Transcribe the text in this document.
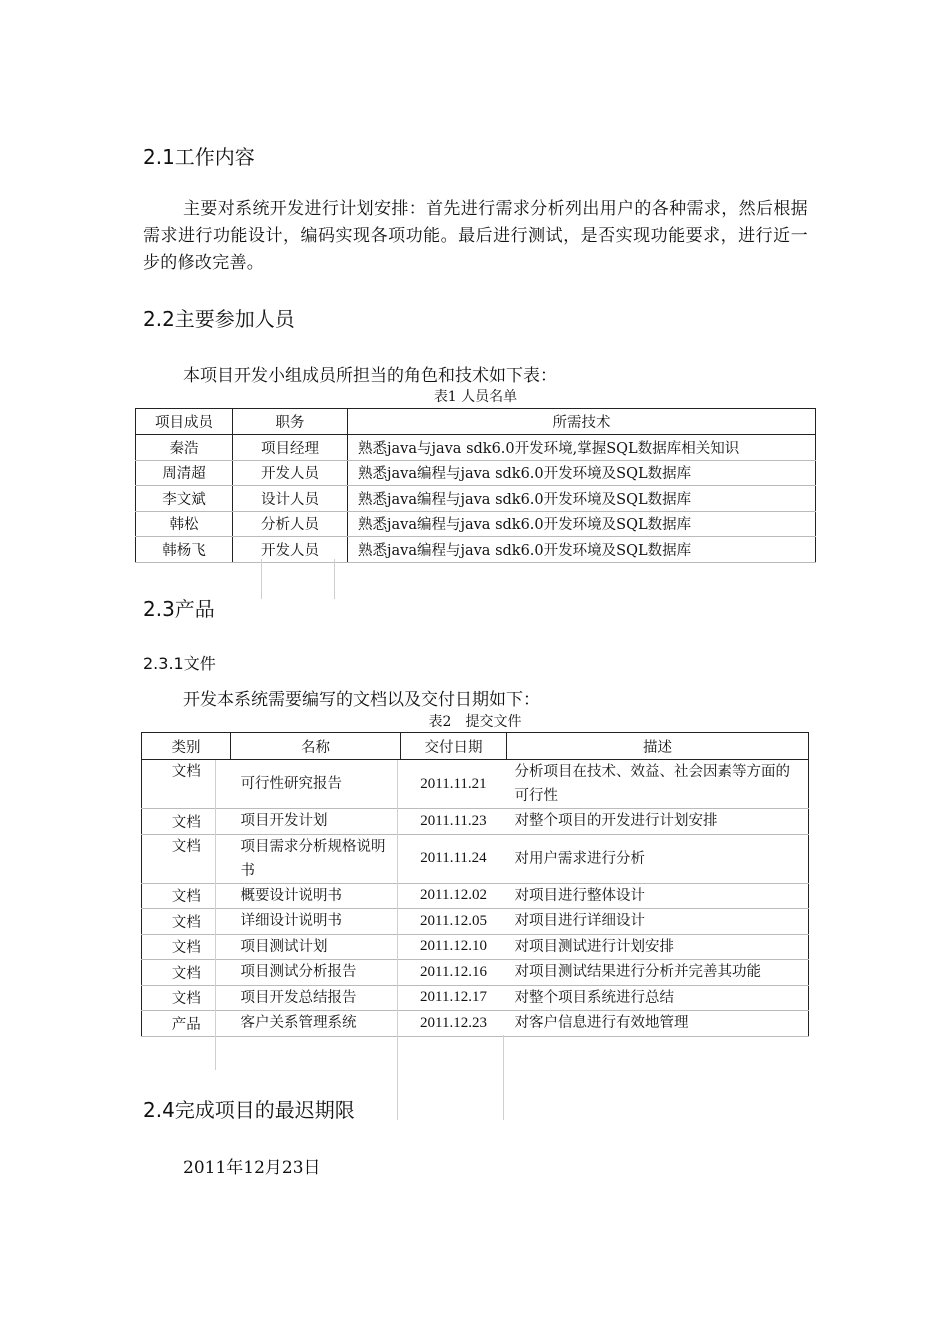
2.1工作内容

主要对系统开发进行计划安排：首先进行需求分析列出用户的各种需求，然后根据需求进行功能设计，编码实现各项功能。最后进行测试，是否实现功能要求，进行近一步的修改完善。

2.2主要参加人员

本项目开发小组成员所担当的角色和技术如下表：

表1 人员名单

项目成员	职务	所需技术
秦浩	项目经理	熟悉java与java sdk6.0开发环境,掌握SQL数据库相关知识
周清超	开发人员	熟悉java编程与java sdk6.0开发环境及SQL数据库
李文斌	设计人员	熟悉java编程与java sdk6.0开发环境及SQL数据库
韩松	分析人员	熟悉java编程与java sdk6.0开发环境及SQL数据库
韩杨飞	开发人员	熟悉java编程与java sdk6.0开发环境及SQL数据库
2.3产品
2.3.1文件

开发本系统需要编写的文档以及交付日期如下：

表2　提交文件

类别	名称	交付日期	描述
文档	可行性研究报告	2011.11.21	分析项目在技术、效益、社会因素等方面的可行性
文档	项目开发计划	2011.11.23	对整个项目的开发进行计划安排
文档	项目需求分析规格说明书	2011.11.24	对用户需求进行分析
文档	概要设计说明书	2011.12.02	对项目进行整体设计
文档	详细设计说明书	2011.12.05	对项目进行详细设计
文档	项目测试计划	2011.12.10	对项目测试进行计划安排
文档	项目测试分析报告	2011.12.16	对项目测试结果进行分析并完善其功能
文档	项目开发总结报告	2011.12.17	对整个项目系统进行总结
产品	客户关系管理系统	2011.12.23	对客户信息进行有效地管理
2.4完成项目的最迟期限

2011年12月23日
